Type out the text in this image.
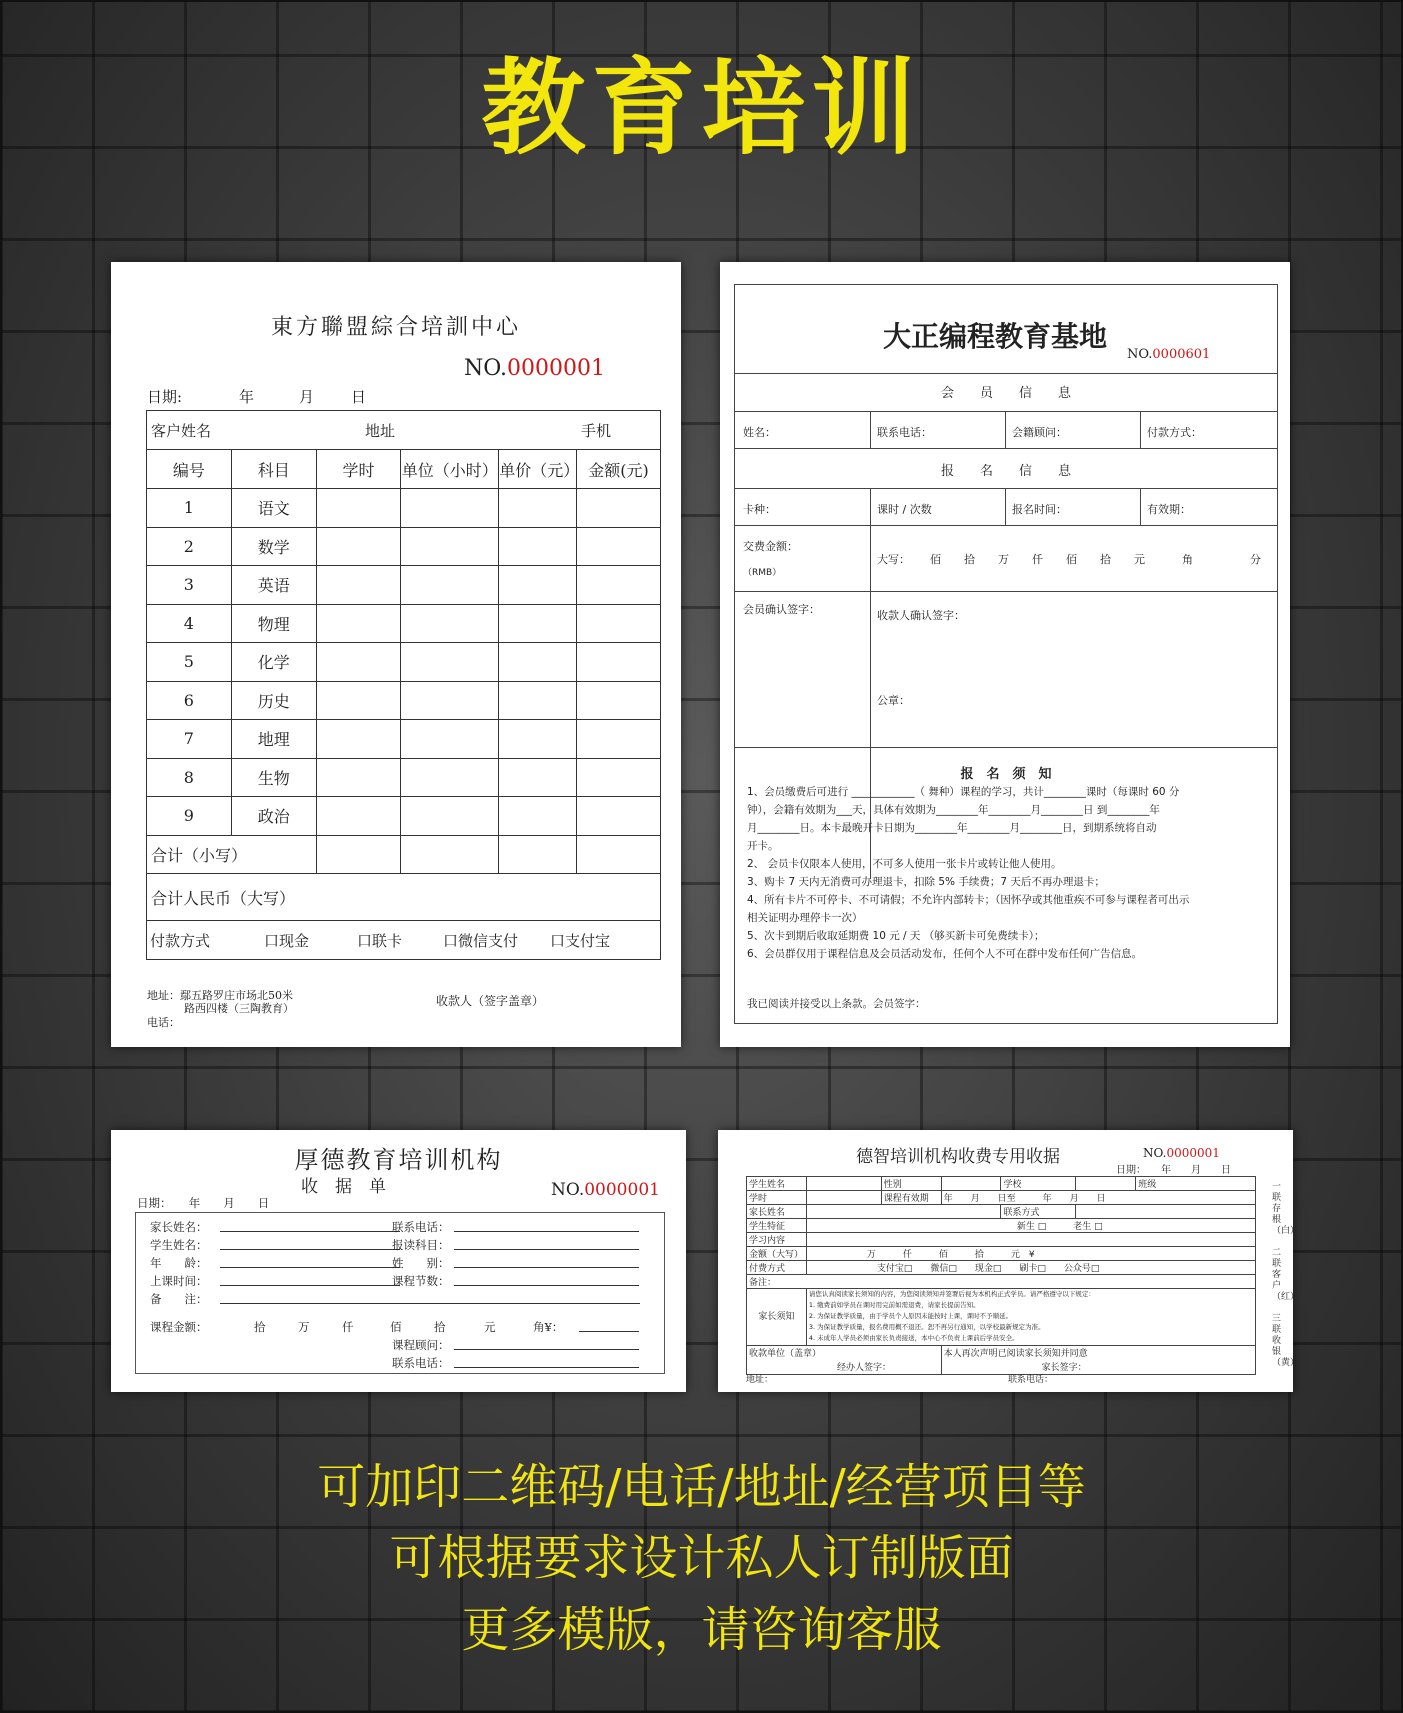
教育培训
東方聯盟綜合培訓中心
NO.0000001
日期:	年	月 日
客户姓名 地址 手机					

编号	科目	学时	单位（小时）	单价（元）	金额(元)
1	语文				
2	数学				
3	英语				
4	物理				
5	化学				
6	历史				
7	地理				
8	生物				
9	政治				
合计（小写）					
合计人民币（大写）					

付款方式 口现金 口联卡 口微信支付 口支付宝					
地址：鄢五路罗庄市场北50米
路西四楼（三陶教育）
电话：
收款人（签字盖章）
大正编程教育基地
NO.0000601
会　　员　　信　　息
姓名：	联系电话：	会籍顾问：	付款方式：
报　　名　　信　　息
卡种：	课时 / 次数	报名时间：	有效期：
交费金额：
（RMB）
大写： 佰 拾 万 仟 佰 拾 元	角	分
会员确认签字：	收款人确认签字：
公章：
报　名　须　知
1、会员缴费后可进行 ____________（ 舞种）课程的学习，共计________课时（每课时 60 分
钟），会籍有效期为___天，具体有效期为________年________月________日 到________年
月________日。本卡最晚开卡日期为________年________月________日，到期系统将自动
开卡。
2、 会员卡仅限本人使用，不可多人使用一张卡片或转让他人使用。
3、购卡 7 天内无消费可办理退卡，扣除 5% 手续费；7 天后不再办理退卡；
4、所有卡片不可停卡、不可请假；不允许内部转卡；（因怀孕或其他重疾不可参与课程者可出示
相关证明办理停卡一次）
5、次卡到期后收取延期费 10 元 / 天 （够买新卡可免费续卡）；
6、会员群仅用于课程信息及会员活动发布，任何个人不可在群中发布任何广告信息。
我已阅读并接受以上条款。会员签字：
厚德教育培训机构
收　据　单	NO.0000001
日期：　　年　　月　　日
家长姓名：	联系电话：
学生姓名：	报读科目：
年　　龄：	姓　　别：
上课时间：	课程节数：
备　　注：
课程金额：	拾	万	仟	佰	拾	元	角¥：
课程顾问：
联系电话：
德智培训机构收费专用收据	NO.0000001
日期：　　年　　月　　日
学生姓名		性别		学校		班级
学时		课程有效期	年　　月　　日至　　　年　　月　　日			
家长姓名				联系方式		
学生特征	新生 □　　　老生 □					
学习内容						
金额（大写）	万　　　仟　　　佰　　　拾　　　元　¥					
付费方式	支付宝□　　微信□　　现金□　　刷卡□　　公众号□					
备注：						
家长须知	请您认真阅读家长须知的内容，为您阅读须知并签署后视为本机构正式学员。请严格遵守以下规定：
1. 缴费前如学员在课时用完前如需退费，请家长提前告知。
2. 为保证教学质量，由于学员个人原因未能按时上课，课时不予顺延。
3. 为保证教学质量，报名费用概不退还。恕不再另行通知，以学校最新规定为准。
4. 未成年人学员必须由家长负责接送，本中心不负责上课前后学员安全。					

收款单位（盖章）
经办人签字：			本人再次声明已阅读家长须知并同意
家长签字：			
地址：	联系电话：
一联存根（白）
二联客户（红）
三联收银（黄）
可加印二维码/电话/地址/经营项目等
可根据要求设计私人订制版面
更多模版，请咨询客服
